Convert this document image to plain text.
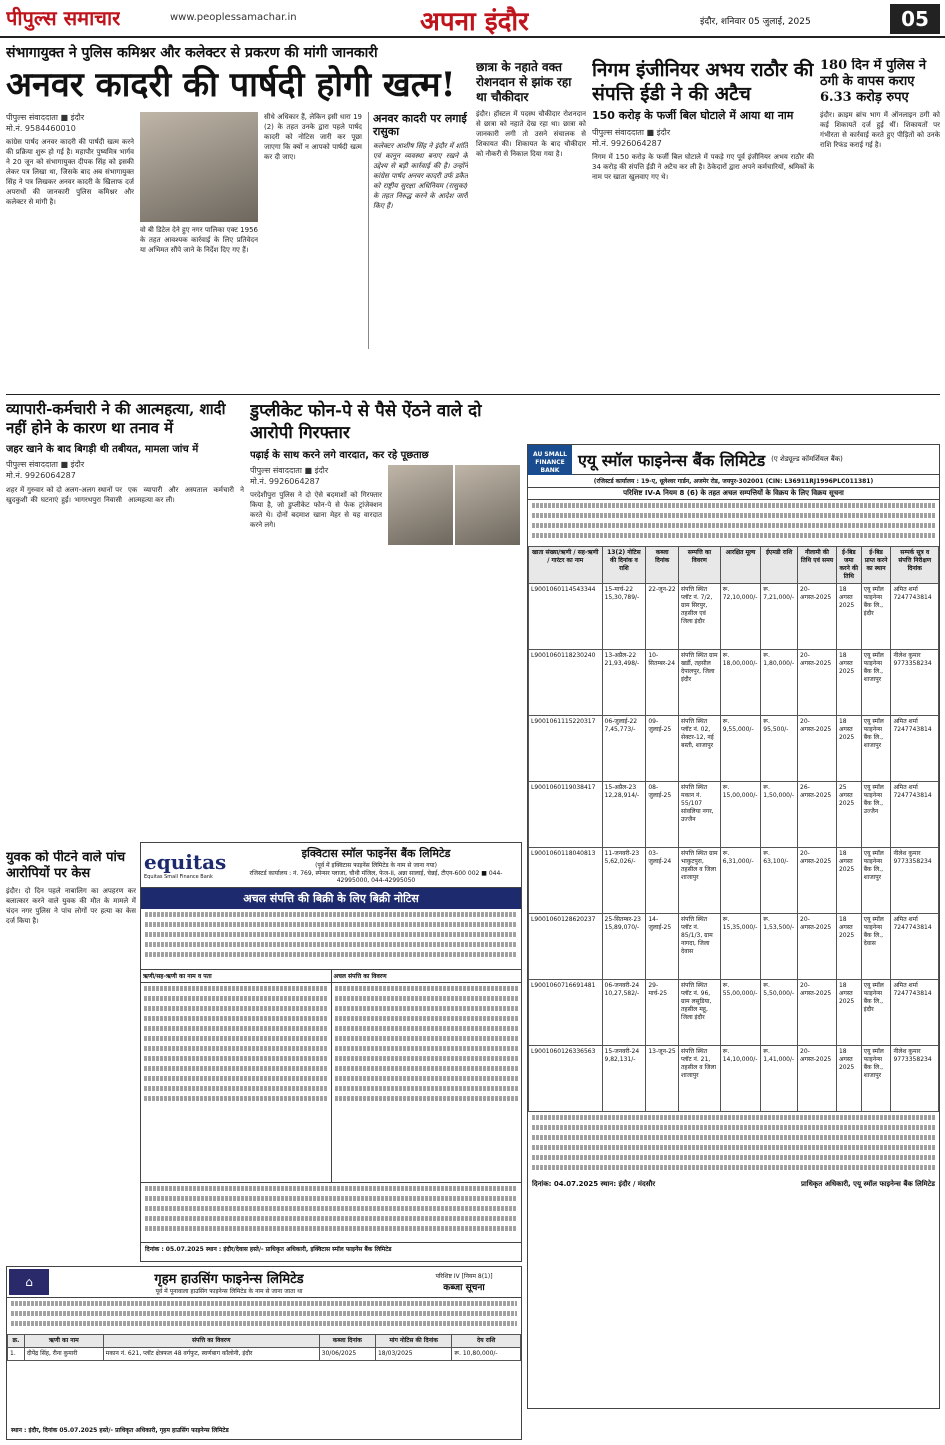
पीपुल्स समाचार	www.peoplessamachar.in	अपना इंदौर	इंदौर, शनिवार 05 जुलाई, 2025	05
संभागायुक्त ने पुलिस कमिश्नर और कलेक्टर से प्रकरण की मांगी जानकारी
अनवर कादरी की पार्षदी होगी खत्म!
पीपुल्स संवाददाता ■ इंदौर
मो.नं. 9584460010
कांग्रेस पार्षद अनवर कादरी की पार्षदी खत्म करने की प्रक्रिया शुरू हो गई है। महापौर पुष्यमित्र भार्गव ने 20 जून को संभागायुक्त दीपक सिंह को इसकी लेकर पत्र लिखा था, जिसके बाद अब संभागायुक्त सिंह ने पत्र लिखकर अनवर कादरी के खिलाफ दर्ज अपराधों की जानकारी पुलिस कमिश्नर और कलेक्टर से मांगी है।
वो बी डिटेल देने हुए नगर पालिका एक्ट 1956 के तहत आवश्यक कार्रवाई के लिए प्रतिवेदन या अभिमत सौंपे जाने के निर्देश दिए गए हैं।
सीधे अधिकार हैं, लेकिन इसी धारा 19 (2) के तहत उनके द्वारा पहले पार्षद कादरी को नोटिस जारी कर पूछा जाएगा कि क्यों न आपको पार्षदी खत्म कर दी जाए।
अनवर कादरी पर लगाई रासुका
कलेक्टर आशीष सिंह ने इंदौर में शांति एवं कानून व्यवस्था बनाए रखने के उद्देश्य से बड़ी कार्रवाई की है। उन्होंने कांग्रेस पार्षद अनवर कादरी उर्फ डकैत को राष्ट्रीय सुरक्षा अधिनियम (रासुका) के तहत निरुद्ध करने के आदेश जारी किए हैं।
छात्रा के नहाते वक्त रोशनदान से झांक रहा था चौकीदार
इंदौर। हॉस्टल में पदस्थ चौकीदार रोशनदान से छात्रा को नहाते देख रहा था। छात्रा को जानकारी लगी तो उसने संचालक से शिकायत की। शिकायत के बाद चौकीदार को नौकरी से निकाल दिया गया है।
निगम इंजीनियर अभय राठौर की संपत्ति ईडी ने की अटैच
150 करोड़ के फर्जी बिल घोटाले में आया था नाम
पीपुल्स संवाददाता ■ इंदौर
मो.नं. 9926064287
निगम में 150 करोड़ के फर्जी बिल घोटाले में पकड़े गए पूर्व इंजीनियर अभय राठौर की 34 करोड़ की संपत्ति ईडी ने अटैच कर ली है। ठेकेदारों द्वारा अपने कर्मचारियों, श्रमिकों के नाम पर खाता खुलवाए गए थे।
180 दिन में पुलिस ने ठगी के वापस कराए 6.33 करोड़ रुपए
इंदौर। क्राइम ब्रांच भाग में ऑनलाइन ठगी को कई शिकायतें दर्ज हुई थीं। शिकायतों पर गंभीरता से कार्रवाई करते हुए पीड़ितों को उनके राशि रिफंड कराई गई है।
व्यापारी-कर्मचारी ने की आत्महत्या, शादी नहीं होने के कारण था तनाव में
जहर खाने के बाद बिगड़ी थी तबीयत, मामला जांच में
पीपुल्स संवाददाता ■ इंदौर
मो.नं. 9926064287
शहर में गुरुवार को दो अलग-अलग स्थानों पर खुदकुशी की घटनाएं हुईं। भागरथपुरा निवासी एक व्यापारी और अस्पताल कर्मचारी ने आत्महत्या कर ली।
युवक को पीटने वाले पांच आरोपियों पर केस
इंदौर। दो दिन पहले नाबालिग का अपहरण कर बलात्कार करने वाले युवक की मौत के मामले में चंदन नगर पुलिस ने पांच लोगों पर हत्या का केस दर्ज किया है।
डुप्लीकेट फोन-पे से पैसे ऐंठने वाले दो आरोपी गिरफ्तार
पढ़ाई के साथ करने लगे वारदात, कर रहे पूछताछ
पीपुल्स संवाददाता ■ इंदौर
मो.नं. 9926064287
परदेशीपुरा पुलिस ने दो ऐसे बदमाशों को गिरफ्तार किया है, जो डुप्लीकेट फोन-पे से फेक ट्रांजेक्शन करते थे। दोनों बदमाश खाना मेहर से यह वारदात करने लगे।
AU SMALL FINANCE BANK
एयू स्मॉल फाइनेन्स बैंक लिमिटेड (ए शेड्यूल्ड कॉमर्शियल बैंक)
(रजिस्टर्ड कार्यालय : 19-ए, धूलेश्वर गार्डन, अजमेर रोड, जयपुर-302001 (CIN: L36911RJ1996PLC011381)
परिशिष्ट IV-A नियम 8 (6) के तहत अचल सम्पत्तियों के विक्रय के लिए विक्रय सूचना
खाता संख्या/ऋणी / सह-ऋणी / गारंटर का नाम	13(2) नोटिस की दिनांक व राशि	कब्जा दिनांक	सम्पत्ति का विवरण	आरक्षित मूल्य	ईएमडी राशि	नीलामी की तिथि एवं समय	ई-बिड जमा करने की तिथि	ई-बिड प्राप्त करने का स्थान	सम्पर्क सूत्र व संपत्ति निरीक्षण दिनांक
L9001060114543344	15-मार्च-22 15,30,789/-	22-जून-22	संपत्ति स्थित प्लॉट नं. 7/2, ग्राम सिरपुर, तहसील एवं जिला इंदौर	रू. 72,10,000/-	रू. 7,21,000/-	20-अगस्त-2025	18 अगस्त 2025	एयू स्मॉल फाइनेन्स बैंक लि., इंदौर	अमित शर्मा 7247743814
L9001060118230240	13-अप्रैल-22 21,93,498/-	10-सितम्बर-24	संपत्ति स्थित ग्राम खर्डी, तहसील देपालपुर, जिला इंदौर	रू. 18,00,000/-	रू. 1,80,000/-	20-अगस्त-2025	18 अगस्त 2025	एयू स्मॉल फाइनेन्स बैंक लि., शाजापुर	नीलेश कुमार 9773358234
L9001061115220317	06-जुलाई-22 7,45,773/-	09-जुलाई-25	संपत्ति स्थित प्लॉट नं. 02, सेक्टर-12, नई बस्ती, शाजापुर	रू. 9,55,000/-	रू. 95,500/-	20-अगस्त-2025	18 अगस्त 2025	एयू स्मॉल फाइनेन्स बैंक लि., शाजापुर	अमित शर्मा 7247743814
L9001060119038417	15-अप्रैल-23 12,28,914/-	08-जुलाई-25	संपत्ति स्थित मकान नं. 55/107 सांवलिया नगर, उज्जैन	रू. 15,00,000/-	रू. 1,50,000/-	26-अगस्त-2025	25 अगस्त 2025	एयू स्मॉल फाइनेन्स बैंक लि., उज्जैन	अमित शर्मा 7247743814
L9001060118040813	11-जनवरी-23 5,62,026/-	03-जुलाई-24	संपत्ति स्थित ग्राम भाकुटपुरा, तहसील व जिला शाजापुर	रू. 6,31,000/-	रू. 63,100/-	20-अगस्त-2025	18 अगस्त 2025	एयू स्मॉल फाइनेन्स बैंक लि., शाजापुर	नीलेश कुमार 9773358234
L9001060128620237	25-सितम्बर-23 15,89,070/-	14-जुलाई-25	संपत्ति स्थित प्लॉट नं. 85/1/3, ग्राम नागदा, जिला देवास	रू. 15,35,000/-	रू. 1,53,500/-	20-अगस्त-2025	18 अगस्त 2025	एयू स्मॉल फाइनेन्स बैंक लि., देवास	अमित शर्मा 7247743814
L9001060716691481	06-जनवरी-24 10,27,582/-	29-मार्च-25	संपत्ति स्थित प्लॉट नं. 96, ग्राम लसूडिया, तहसील महू, जिला इंदौर	रू. 55,00,000/-	रू. 5,50,000/-	20-अगस्त-2025	18 अगस्त 2025	एयू स्मॉल फाइनेन्स बैंक लि., इंदौर	अमित शर्मा 7247743814
L9001060126336563	15-जनवरी-24 9,82,131/-	13-जून-25	संपत्ति स्थित प्लॉट नं. 21, तहसील व जिला शाजापुर	रू. 14,10,000/-	रू. 1,41,000/-	20-अगस्त-2025	18 अगस्त 2025	एयू स्मॉल फाइनेन्स बैंक लि., शाजापुर	नीलेश कुमार 9773358234
दिनांक: 04.07.2025 स्थान: इंदौर / मंदसौर	प्राधिकृत अधिकारी, एयू स्मॉल फाइनेन्स बैंक लिमिटेड
equitas
Equitas Small Finance Bank
इक्विटास स्मॉल फाइनेंस बैंक लिमिटेड
(पूर्व में इक्विटास फाइनेंस लिमिटेड के नाम से जाना गया)
रजिस्टर्ड कार्यालय : नं. 769, स्पेन्सर प्लाजा, चौथी मंजिल, फेज-II, अन्ना सालाई, चेन्नई, टीएन-600 002 ■ 044-42995000, 044-42995050
अचल संपत्ति की बिक्री के लिए बिक्री नोटिस
ऋणी/सह-ऋणी का नाम व पता	अचल संपत्ति का विवरण
दिनांक : 05.07.2025 स्थान : इंदौर/देवास हस्ते/- प्राधिकृत अधिकारी, इक्विटास स्मॉल फाइनेंस बैंक लिमिटेड
⌂	गृहम हाउसिंग फाइनेन्स लिमिटेड
पूर्व में पूनावाला हाउसिंग फाइनेन्स लिमिटेड के नाम से जाना जाता था
परिशिष्ट IV [नियम 8(1)]
कब्जा सूचना
क्र.	ऋणी का नाम	संपत्ति का विवरण	कब्जा दिनांक	मांग नोटिस की दिनांक	देय राशि
1.	दीपेंद्र सिंह, रीना कुमारी	मकान नं. 621, प्लॉट क्षेत्रफल 48 वर्गफुट, स्वर्णबाग कॉलोनी, इंदौर	30/06/2025	18/03/2025	रू. 10,80,000/-
स्थान : इंदौर, दिनांक 05.07.2025 हस्ते/- प्राधिकृत अधिकारी, गृहम हाउसिंग फाइनेन्स लिमिटेड
